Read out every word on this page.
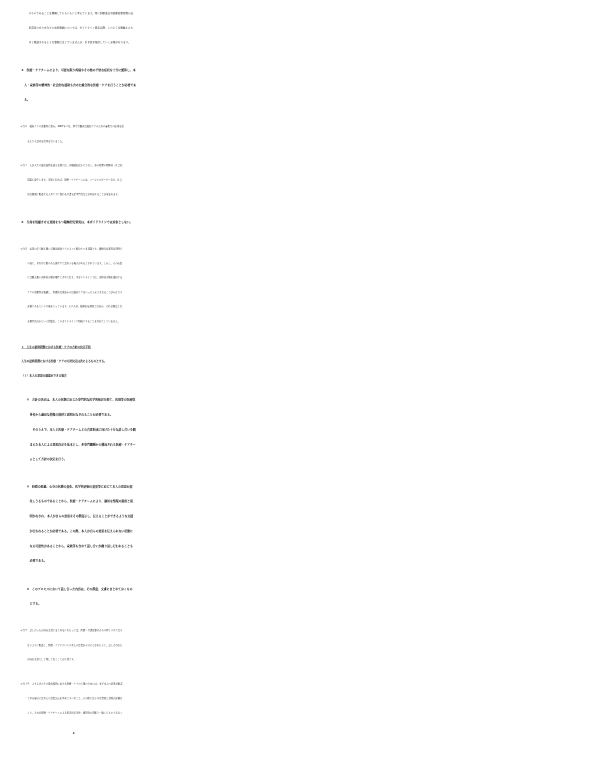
のものであることを理解してもらいたいと考えています。特に刑事責任や医療従事者間の法

的責任のあり方などの法的側面については、ガイドライン策定以降、このような側面から大

きく報道されるような事態は生じていませんが、引き続き検討していく必要があります。

③　医療・ケアチームにより、可能な限り疼痛やその他の不快な症状を十分に緩和し、本

　人・家族等の精神的・社会的な援助も含めた総合的な医療・ケアを行うことが必要であ

　る。

＊注６　緩和ケアの重要性に鑑み、2007年２月、厚生労働省は緩和ケアのための麻薬等の使用を従

　　　来よりも認める措置を行いました。

＊注７　人が人生の最終段階を迎える際には、疼痛緩和ばかりでなく、他の種類の精神的・社会的

　　　問題も発生します。可能であれば、医療・ケアチームには、ソーシャルワーカーなど、社会

　　　的な側面に配慮する人やケアに関わる介護支援専門員などが参加することが望まれます。

④　生命を短縮させる意図をもつ積極的安楽死は、本ガイドラインでは対象としない。

＊注８　疾患に伴う耐え難い苦痛は緩和ケアによって解決すべき課題です。積極的安楽死は判例そ

　　　の他で、きわめて限られた条件下で認めうる場合があるとされています。しかし、その前提

　　　には耐え難い肉体的苦痛が要件とされており、本ガイドラインでは、肉体的苦痛を緩和する

　　　ケアの重要性を強調し、医療的な見地からは緩和ケアをいっそう充実させることが何よりも

　　　必要であるという立場をとっています。そのため、積極的安楽死とは何か、それが適法とな

　　　る要件は何かという問題を、このガイドラインで明確にすることを目的としていません。

２　人生の最終段階における医療・ケアの方針の決定手続

人生の最終段階における医療・ケアの方針決定は次によるものとする。

（１）本人の意思の確認ができる場合

①　方針の決定は、本人の状態に応じた専門的な医学的検討を経て、医師等の医療従

　事者から適切な情報の提供と説明がなされることが必要である。

　　そのうえで、本人と医療・ケアチームとの合意形成に向けた十分な話し合いを踏

　まえた本人による意思決定を基本とし、多専門職種から構成される医療・ケアチー

　ムとして方針の決定を行う。

②　時間の経過、心身の状態の変化、医学的評価の変更等に応じて本人の意思が変

　化しうるものであることから、医療・ケアチームにより、適切な情報の提供と説

　明がなされ、本人が自らの意思をその都度示し、伝えることができるような支援

　が行われることが必要である。この際、本人が自らの意思を伝えられない状態に

　なる可能性があることから、家族等も含めて話し合いが繰り返し行われることも

　必要である。

③　このプロセスにおいて話し合った内容は、その都度、文書にまとめておくもの

　とする。

＊注９　話し合った内容を文書にまとめるにあたっては、医療・介護従事者からの押しつけになら

　　　ないように配慮し、医療・ケアについての本人の意思が十分に示された上で、話し合われた

　　　内容を文書として残しておくことが大切です。

＊注１０　よりよき人生の最終段階における医療・ケアの実現のためには、まず本人の意思が確認

　　　できる場合には本人の意思決定を基本とすべきこと、その際には十分な情報と説明が必要な

　　　こと、それが医療・ケアチームによる医学的妥当性・適切性の判断と一致したものであるこ

4
